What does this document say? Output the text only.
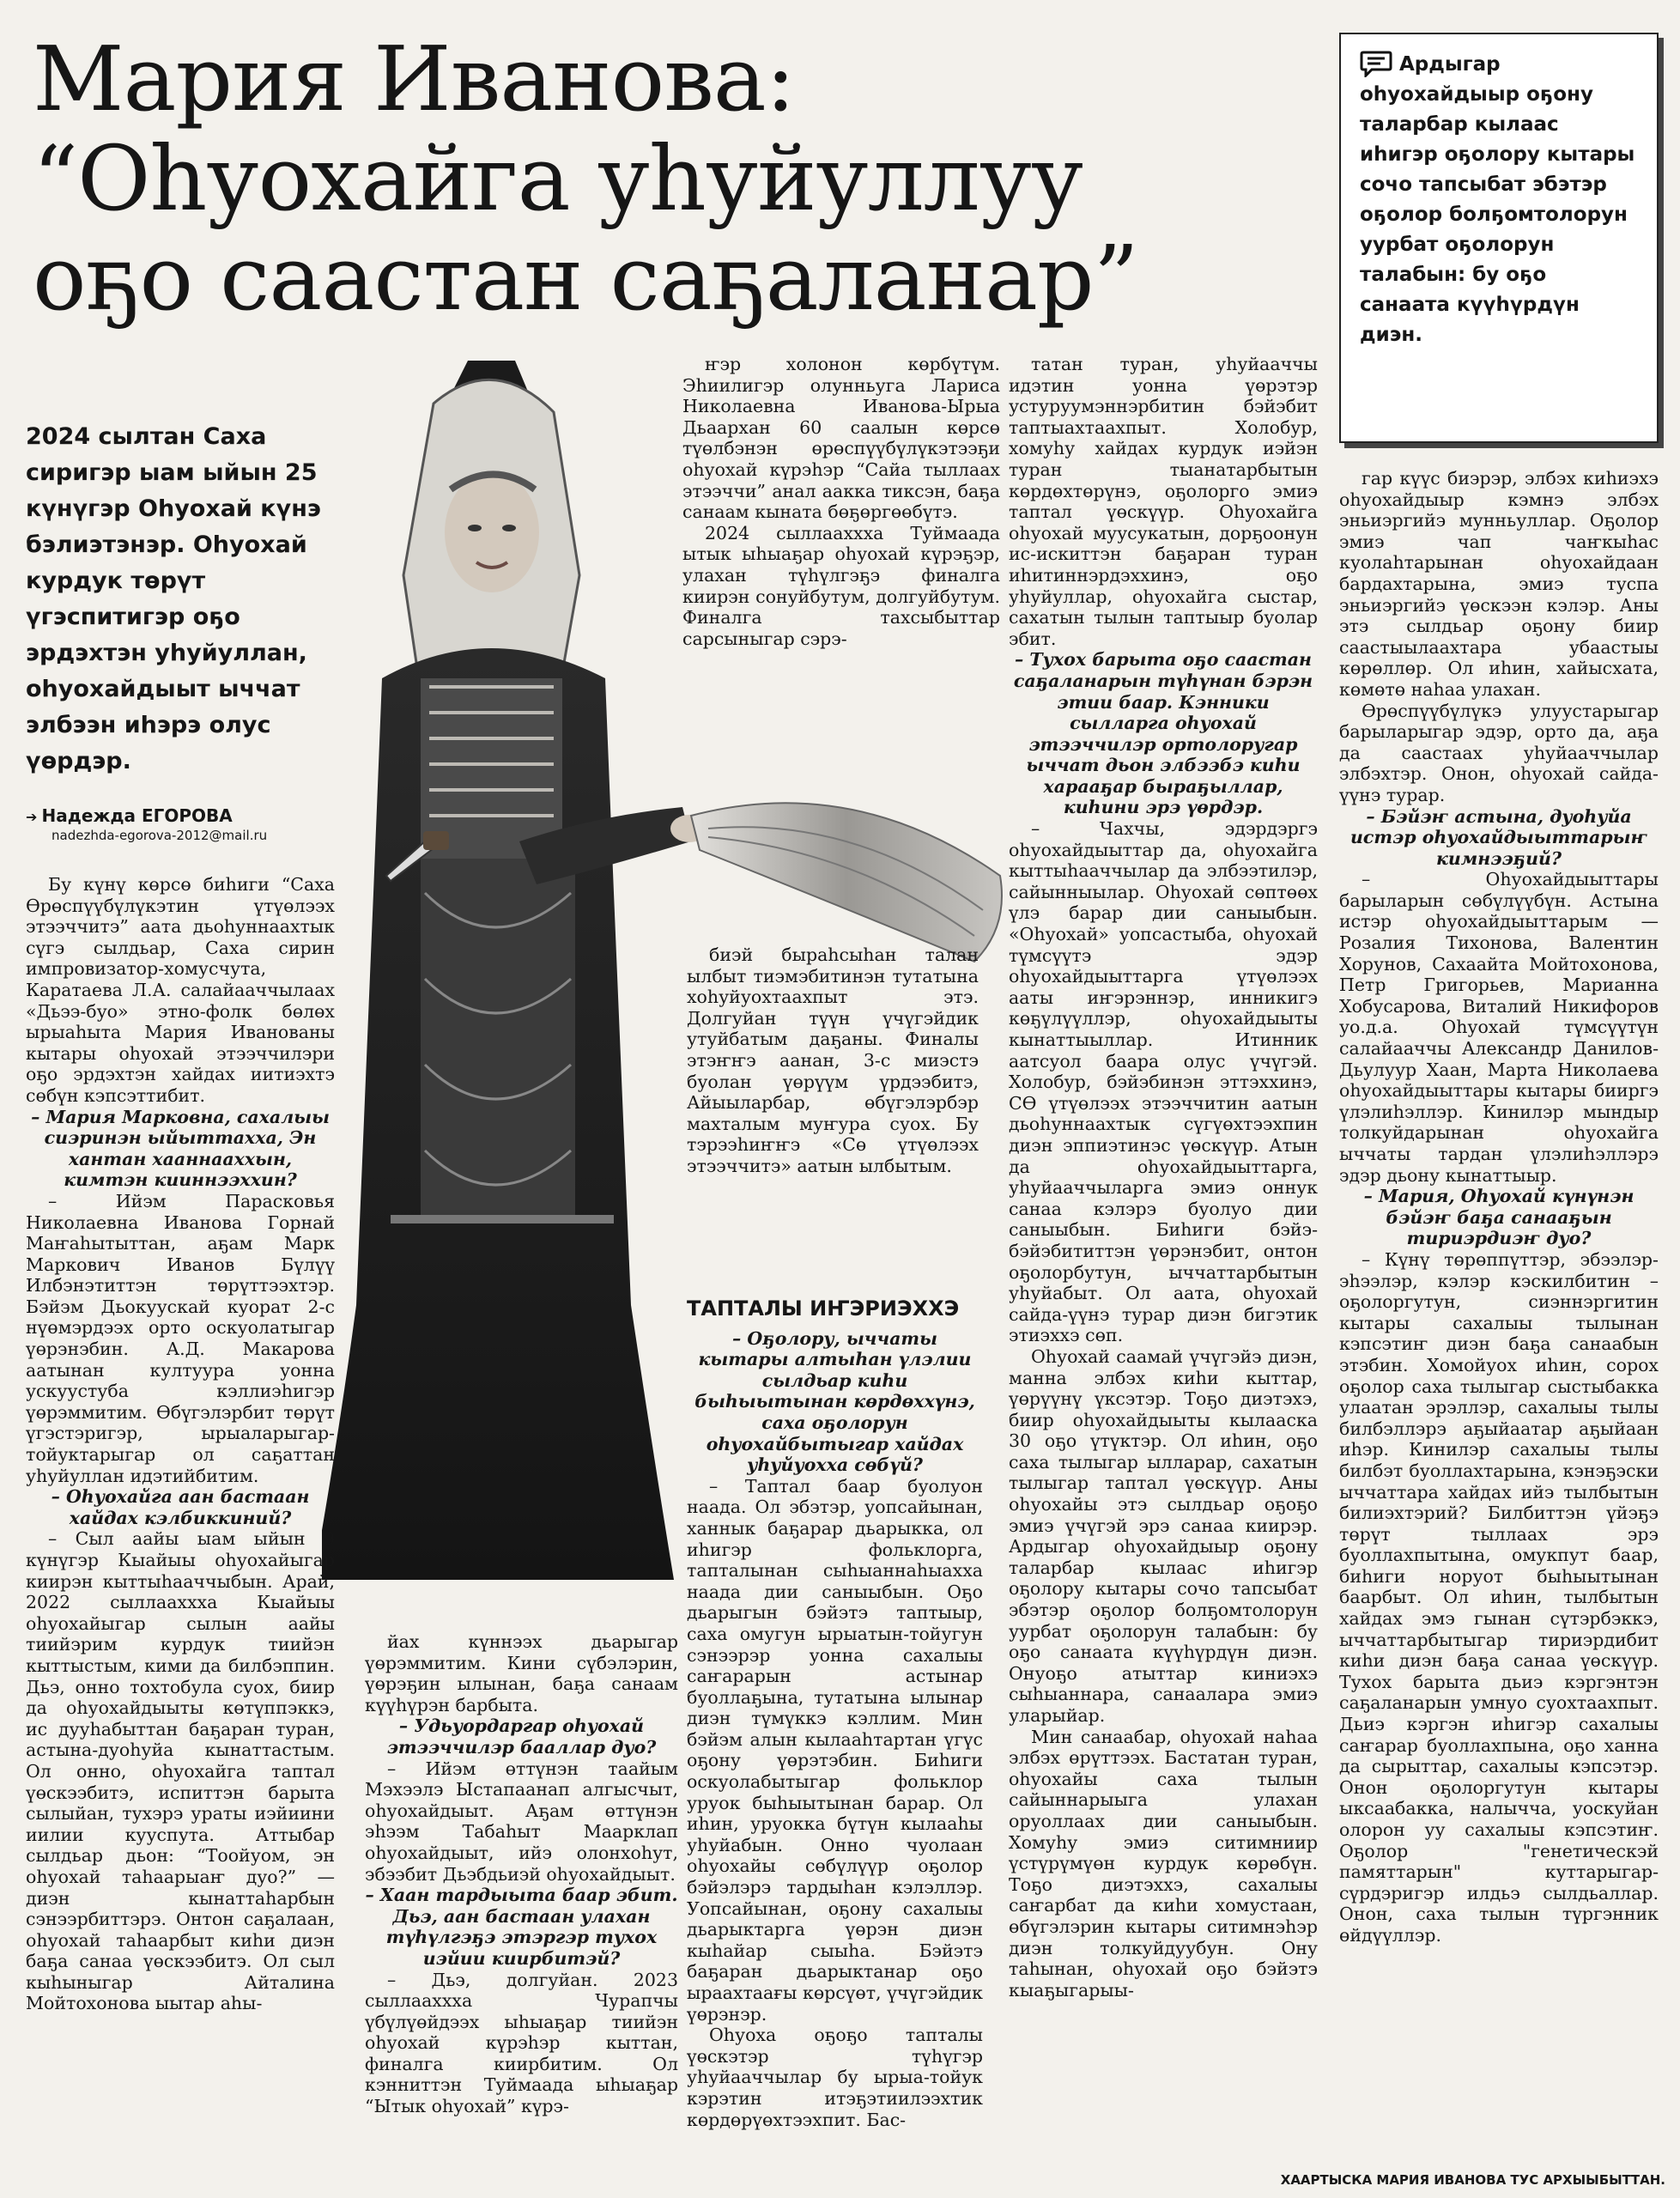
Мария Иванова:
“Оһуохайга уһуйуллуу
оҕо саастан саҕаланар”

Ардыгар оһуохайдыыр оҕону таларбар кылаас иһигэр оҕолору кытары сочо тапсыбат эбэтэр оҕолор болҕомтолорун уурбат оҕолорун талабын: бу оҕо санаата күүһүрдүн диэн.

2024 сылтан Саха сиригэр ыам ыйын 25 күнүгэр Оһуохай күнэ бэлиэтэнэр. Оһуохай курдук төрүт үгэспитигэр оҕо эрдэхтэн уһуйуллан, оһуохайдыыт ыччат элбээн иһэрэ олус үөрдэр.

➔ Надежда ЕГОРОВА
nadezhda-egorova-2012@mail.ru

Бу күнү көрсө биһиги “Саха Өрөспүүбүлүкэтин үтүөлээх этээччитэ” аата дьоһуннаахтык сүгэ сылдьар, Саха сирин импровизатор-хомусчута, Каратаева Л.А. салайааччылаах «Дьээ-буо» этно-фолк бөлөх ырыаһыта Мария Иванованы кытары оһуохай этээччилэри оҕо эрдэхтэн хайдах иитиэхтэ сөбүн кэпсэттибит.

– Мария Марковна, сахалыы сиэринэн ыйыттахха, Эн хантан хааннааххын, кимтэн кииннээххин?

– Ийэм Парасковья Николаевна Иванова Горнай Маҥаһытыттан, аҕам Марк Маркович Иванов Бүлүү Илбэнэтиттэн төрүттээхтэр. Бэйэм Дьокуускай куорат 2-с нүөмэрдээх орто оскуолатыгар үөрэнэбин. А.Д. Макарова аатынан култуура уонна ускуустуба кэллиэһигэр үөрэммитим. Өбүгэлэрбит төрүт үгэстэригэр, ырыаларыгар-тойуктарыгар ол саҕаттан уһуйуллан идэтийбитим.

– Оһуохайга аан бастаан хайдах кэлбиккиний?

– Сыл аайы ыам ыйын 9 күнүгэр Кыайыы оһуохайыгар киирэн кыттыһааччыбын. Арай, 2022 сыллааххха Кыайыы оһуохайыгар сылын аайы тиийэрим курдук тиийэн кыттыстым, кими да билбэппин. Дьэ, онно тохтобула суох, биир да оһуохайдыыты көтүппэккэ, ис дууһабыттан баҕаран туран, астына-дуоһуйа кынаттастым. Ол онно, оһуохайга таптал үөскээбитэ, испиттэн барыта сылыйан, тухэрэ ураты иэйиини иилии кууспута. Аттыбар сылдьар дьон: “Тоойуом, эн оһуохай таһаарыаҥ дуо?” — диэн кынаттаһарбын сэнээрбиттэрэ. Онтон саҕалаан, оһуохай таһаарбыт киһи диэн баҕа санаа үөскээбитэ. Ол сыл кыһыныгар Айталина Мойтохонова ыытар аһы-

ҥэр холонон көрбүтүм. Эһиилигэр олунньуга Лариса Николаевна Иванова-Ырыа Дьаархан 60 саалын көрсө түөлбэнэн өрөспүүбүлүкэтээҕи оһуохай күрэһэр “Сайа тыллаах этээччи” анал аакка тиксэн, баҕа санаам кыната бөҕөргөөбүтэ.

2024 сыллааххха Туймаада ытык ыһыаҕар оһуохай күрэҕэр, улахан түһүлгэҕэ финалга киирэн сонуйбутум, долгуйбутум. Финалга тахсыбыттар сарсыныгар сэрэ-

биэй быраһсыһан талан ылбыт тиэмэбитинэн тутатына хоһуйуохтаахпыт этэ. Долгуйан түүн үчүгэйдик утуйбатым даҕаны. Финалы этэҥҥэ аанан, 3-с миэстэ буолан үөрүүм үрдээбитэ, Айыыларбар, өбүгэлэрбэр махталым муҥура суох. Бу тэрээһиҥҥэ «Сө үтүөлээх этээччитэ» аатын ылбытым.

йах күннээх дьарыгар үөрэммитим. Кини сүбэлэрин, үөрэҕин ылынан, баҕа санаам күүһүрэн барбыта.

– Удьуордаргар оһуохай этээччилэр бааллар дуо?

– Ийэм өттүнэн таайым Мэхээлэ Ыстапаанап алгысчыт, оһуохайдыыт. Аҕам өттүнэн эһээм Табаһыт Маарклап оһуохайдыыт, ийэ олонхоһут, эбээбит Дьэбдьиэй оһуохайдыыт.

– Хаан тардыыта баар эбит. Дьэ, аан бастаан улахан түһүлгэҕэ этэргэр тухох иэйии киирбитэй?

– Дьэ, долгуйан. 2023 сыллааххха Чурапчы үбүлүөйдээх ыһыаҕар тиийэн оһуохай күрэһэр кыттан, финалга киирбитим. Ол кэнниттэн Туймаада ыһыаҕар “Ытык оһуохай” күрэ-

ТАПТАЛЫ ИҤЭРИЭХХЭ

– Оҕолору, ыччаты кытары алтыһан үлэлии сылдьар киһи быһыытынан көрдөххүнэ, саха оҕолорун оһуохайбытыгар хайдах уһуйуохха сөбүй?

– Таптал баар буолуон наада. Ол эбэтэр, уопсайынан, ханнык баҕарар дьарыкка, ол иһигэр фольклорга, тапталынан сыһыаннаһыахха наада дии саныыбын. Оҕо дьарыгын бэйэтэ таптыыр, саха омугун ырыатын-тойугун сэнээрэр уонна сахалыы саҥарарын астынар буоллаҕына, тутатына ылынар диэн түмүккэ кэллим. Мин бэйэм алын кылааһтартан үгүс оҕону үөрэтэбин. Биһиги оскуолабытыгар фольклор уруок быһыытынан барар. Ол иһин, уруокка бүтүн кылааһы уһуйабын. Онно чуолаан оһуохайы сөбүлүүр оҕолор бэйэлэрэ тардыһан кэлэллэр. Уопсайынан, оҕону сахалыы дьарыктарга үөрэн диэн кыһайар сыыһа. Бэйэтэ баҕаран дьарыктанар оҕо ыраахтаағы көрсүөт, үчүгэйдик үөрэнэр.

Оһуоха оҕоҕо тапталы үөскэтэр түһүгэр уһуйааччылар бу ырыа-тойук кэрэтин итэҕэтиилээхтик көрдөрүөхтээхпит. Бас-

татан туран, уһуйааччы идэтин уонна үөрэтэр устуруумэннэрбитин бэйэбит таптыахтаахпыт. Холобур, хомуһу хайдах курдук иэйэн туран тыанатарбытын көрдөхтөрүнэ, оҕолорго эмиэ таптал үөскүүр. Оһуохайга оһуохай муусукатын, дорҕоонун ис-искиттэн баҕаран туран иһитиннэрдэххинэ, оҕо уһуйуллар, оһуохайга сыстар, сахатын тылын таптыыр буолар эбит.

– Тухох барыта оҕо саастан саҕаланарын түһүнан бэрэн этии баар. Кэнники сылларга оһуохай этээччилэр ортолоругар ыччат дьон элбээбэ киһи харааҕар быраҕыллар, киһини эрэ үөрдэр.

– Чахчы, эдэрдэргэ оһуохайдыыттар да, оһуохайга кыттыһааччылар да элбээтилэр, сайынныылар. Оһуохай сөптөөх үлэ барар дии саныыбын. «Оһуохай» уопсастыба, оһуохай түмсүүтэ эдэр оһуохайдыыттарга үтүөлээх ааты иҥэрэннэр, инникигэ көҕүлүүллэр, оһуохайдыыты кынаттыыллар. Итинник аатсуол баара олус үчүгэй. Холобур, бэйэбинэн эттэххинэ, СӨ үтүөлээх этээччитин аатын дьоһуннаахтык сүгүөхтээхпин диэн эппиэтинэс үөскүүр. Атын да оһуохайдыыттарга, уһуйааччыларга эмиэ оннук санаа кэлэрэ буолуо дии саныыбын. Биһиги бэйэ-бэйэбититтэн үөрэнэбит, онтон оҕолорбутун, ыччаттарбытын уһуйабыт. Ол аата, оһуохай сайда-үүнэ турар диэн бигэтик этиэххэ сөп.

Оһуохай саамай үчүгэйэ диэн, манна элбэх киһи кыттар, үөрүүнү үксэтэр. Тоҕо диэтэхэ, биир оһуохайдыыты кылааска 30 оҕо үтүктэр. Ол иһин, оҕо саха тылыгар ылларар, сахатын тылыгар таптал үөскүүр. Аны оһуохайы этэ сылдьар оҕоҕо эмиэ үчүгэй эрэ санаа киирэр. Ардыгар оһуохайдыыр оҕону таларбар кылаас иһигэр оҕолору кытары сочо тапсыбат эбэтэр оҕолор болҕомтолорун уурбат оҕолорун талабын: бу оҕо санаата күүһүрдүн диэн. Онуоҕо атыттар киниэхэ сыһыаннара, санаалара эмиэ уларыйар.

Мин санаабар, оһуохай наһаа элбэх өрүттээх. Бастатан туран, оһуохайы саха тылын сайыннарыыга улахан оруоллаах дии саныыбын. Хомуһу эмиэ ситимниир үстүрүмүөн курдук көрөбүн. Тоҕо диэтэххэ, сахалыы саҥарбат да киһи хомустаан, өбүгэлэрин кытары ситимнэһэр диэн толкуйдуубун. Ону таһынан, оһуохай оҕо бэйэтэ кыаҕыгарыы-

гар күүс биэрэр, элбэх киһиэхэ оһуохайдыыр кэмнэ элбэх эньиэргийэ мунньуллар. Оҕолор эмиэ чап чаҥкыһас куолаһтарынан оһуохайдаан бардахтарына, эмиэ туспа эньиэргийэ үөскээн кэлэр. Аны этэ сылдьар оҕону биир саастыылаахтара убаастыы көрөллөр. Ол иһин, хайысхата, көмөтө наһаа улахан.

Өрөспүүбүлүкэ улуустарыгар барыларыгар эдэр, орто да, аҕа да саастаах уһуйааччылар элбэхтэр. Онон, оһуохай сайда-үүнэ турар.

– Бэйэҥ астына, дуоһуйа истэр оһуохайдыыттарыҥ кимнээҕий?

– Оһуохайдыыттары барыларын сөбүлүүбүн. Астына истэр оһуохайдыыттарым — Розалия Тихонова, Валентин Хорунов, Сахаайта Мойтохонова, Петр Григорьев, Марианна Хобусарова, Виталий Никифоров уо.д.а. Оһуохай түмсүүтүн салайааччы Александр Данилов-Дьулуур Хаан, Марта Николаева оһуохайдыыттары кытары бииргэ үлэлиһэллэр. Кинилэр мындыр толкуйдарынан оһуохайга ыччаты тардан үлэлиһэллэрэ эдэр дьону кынаттыыр.

– Мария, Оһуохай күнүнэн бэйэҥ баҕа санааҕын тириэрдиэҥ дуо?

– Күнү төрөппүттэр, эбээлэр-эһээлэр, кэлэр кэскилбитин – оҕолоргутун, сиэннэргитин кытары сахалыы тылынан кэпсэтиҥ диэн баҕа санаабын этэбин. Хомойуох иһин, сорох оҕолор саха тылыгар сыстыбакка улаатан эрэллэр, сахалыы тылы билбэллэрэ аҕыйаатар аҕыйаан иһэр. Кинилэр сахалыы тылы билбэт буоллахтарына, кэнэҕэски ыччаттара хайдах ийэ тылбытын билиэхтэрий? Билбиттэн үйэҕэ төрүт тыллаах эрэ буоллахпытына, омукпут баар, биһиги норуот быһыытынан баарбыт. Ол иһин, тылбытын хайдах эмэ гынан сүтэрбэккэ, ыччаттарбытыгар тириэрдибит киһи диэн баҕа санаа үөскүүр. Тухох барыта дьиэ кэргэнтэн саҕаланарын умнуо суохтаахпыт. Дьиэ кэргэн иһигэр сахалыы саҥарар буоллахпына, оҕо ханна да сырыттар, сахалыы кэпсэтэр. Онон оҕолоргутун кытары ыксаабакка, налычча, уоскуйан олорон уу сахалыы кэпсэтиҥ. Оҕолор "генетическэй памяттарын" куттарыгар-сүрдэригэр илдьэ сылдьаллар. Онон, саха тылын түргэнник өйдүүллэр.

ХААРТЫСКА МАРИЯ ИВАНОВА ТУС АРХЫЫБЫТТАН.
